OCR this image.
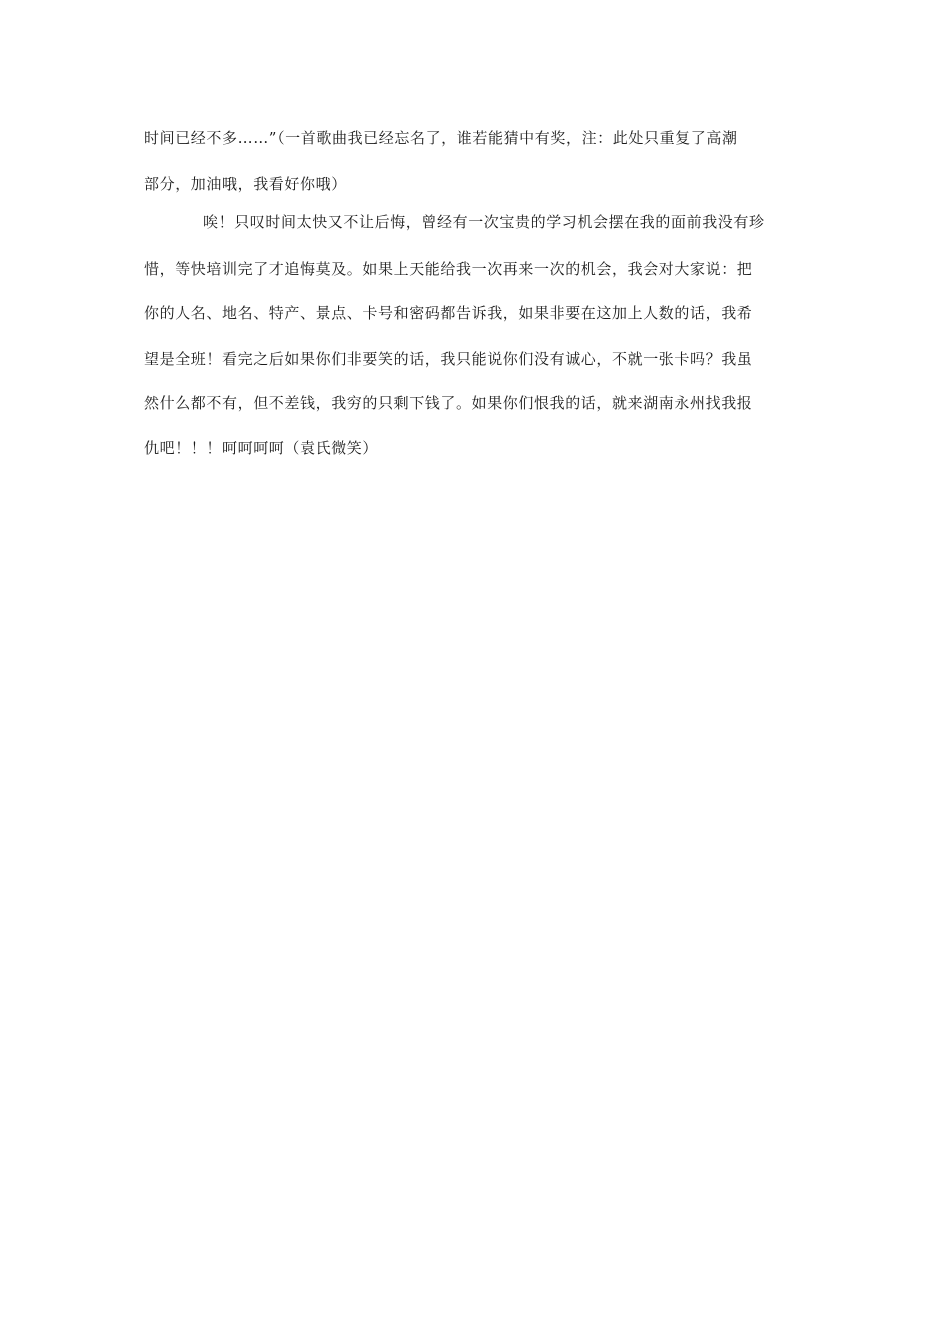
时间已经不多……”（一首歌曲我已经忘名了，谁若能猜中有奖，注：此处只重复了高潮
部分，加油哦，我看好你哦）
唉！只叹时间太快又不让后悔，曾经有一次宝贵的学习机会摆在我的面前我没有珍
惜，等快培训完了才追悔莫及。如果上天能给我一次再来一次的机会，我会对大家说：把
你的人名、地名、特产、景点、卡号和密码都告诉我，如果非要在这加上人数的话，我希
望是全班！看完之后如果你们非要笑的话，我只能说你们没有诚心，不就一张卡吗？我虽
然什么都不有，但不差钱，我穷的只剩下钱了。如果你们恨我的话，就来湖南永州找我报
仇吧！！！呵呵呵呵（袁氏微笑）
